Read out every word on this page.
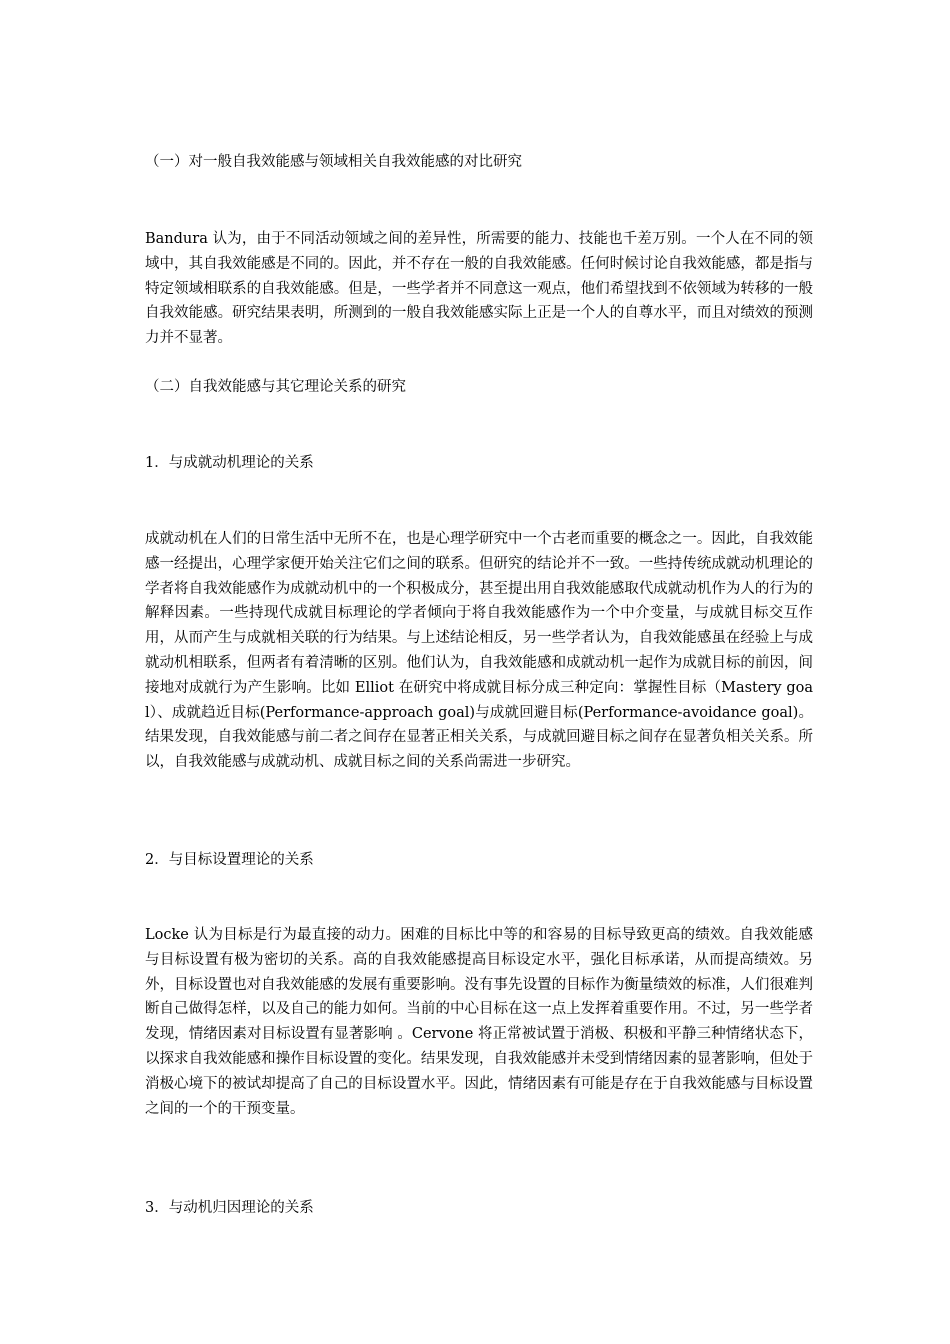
（一）对一般自我效能感与领域相关自我效能感的对比研究

Bandura 认为，由于不同活动领域之间的差异性，所需要的能力、技能也千差万别。一个人在不同的领域中，其自我效能感是不同的。因此，并不存在一般的自我效能感。任何时候讨论自我效能感，都是指与特定领域相联系的自我效能感。但是，一些学者并不同意这一观点，他们希望找到不依领域为转移的一般自我效能感。研究结果表明，所测到的一般自我效能感实际上正是一个人的自尊水平，而且对绩效的预测力并不显著。

（二）自我效能感与其它理论关系的研究

1．与成就动机理论的关系

成就动机在人们的日常生活中无所不在，也是心理学研究中一个古老而重要的概念之一。因此，自我效能感一经提出，心理学家便开始关注它们之间的联系。但研究的结论并不一致。一些持传统成就动机理论的学者将自我效能感作为成就动机中的一个积极成分，甚至提出用自我效能感取代成就动机作为人的行为的解释因素。一些持现代成就目标理论的学者倾向于将自我效能感作为一个中介变量，与成就目标交互作用，从而产生与成就相关联的行为结果。与上述结论相反，另一些学者认为，自我效能感虽在经验上与成就动机相联系，但两者有着清晰的区别。他们认为，自我效能感和成就动机一起作为成就目标的前因，间接地对成就行为产生影响。比如 Elliot 在研究中将成就目标分成三种定向：掌握性目标（Mastery goal）、成就趋近目标(Performance-approach goal)与成就回避目标(Performance-avoidance goal)。结果发现，自我效能感与前二者之间存在显著正相关关系，与成就回避目标之间存在显著负相关关系。所以，自我效能感与成就动机、成就目标之间的关系尚需进一步研究。

2．与目标设置理论的关系

Locke 认为目标是行为最直接的动力。困难的目标比中等的和容易的目标导致更高的绩效。自我效能感与目标设置有极为密切的关系。高的自我效能感提高目标设定水平，强化目标承诺，从而提高绩效。另外，目标设置也对自我效能感的发展有重要影响。没有事先设置的目标作为衡量绩效的标准，人们很难判断自己做得怎样，以及自己的能力如何。当前的中心目标在这一点上发挥着重要作用。不过，另一些学者发现，情绪因素对目标设置有显著影响 。Cervone 将正常被试置于消极、积极和平静三种情绪状态下，以探求自我效能感和操作目标设置的变化。结果发现，自我效能感并未受到情绪因素的显著影响，但处于消极心境下的被试却提高了自己的目标设置水平。因此，情绪因素有可能是存在于自我效能感与目标设置之间的一个的干预变量。

3．与动机归因理论的关系
